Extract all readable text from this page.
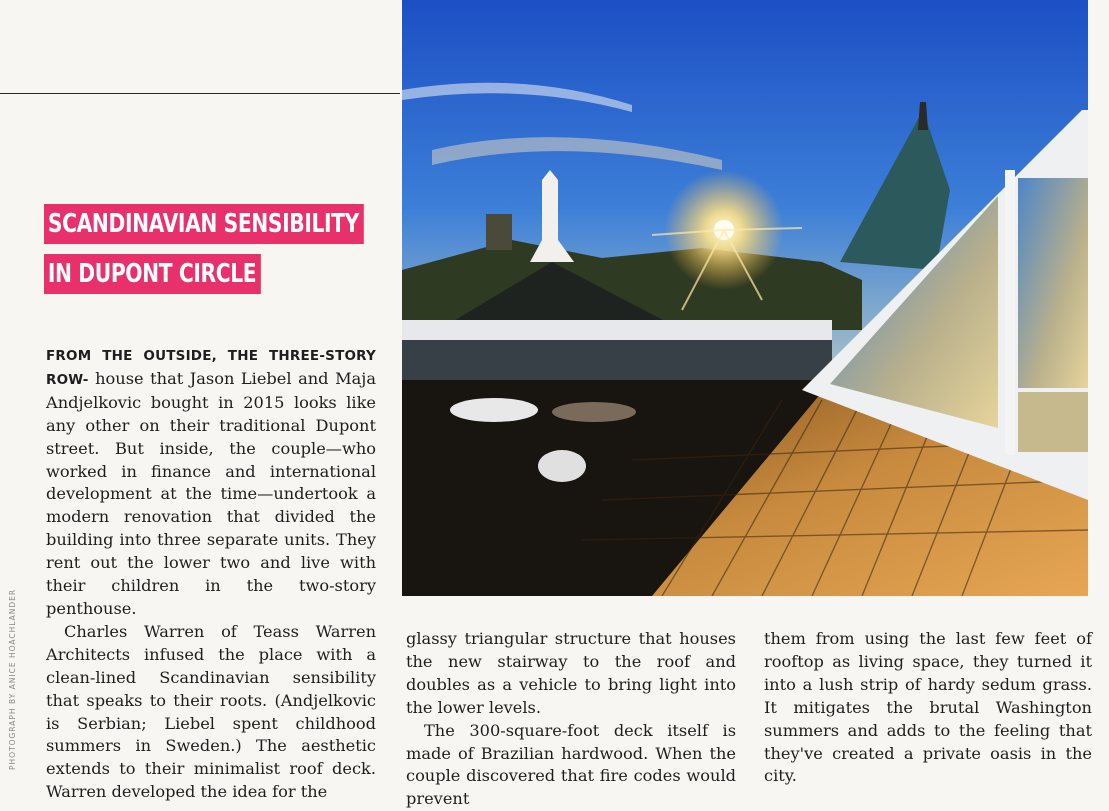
SCANDINAVIAN SENSIBILITY
IN DUPONT CIRCLE
PHOTOGRAPH BY ANICE HOACHLANDER

FROM THE OUTSIDE, THE THREE-STORY ROW- house that Jason Liebel and Maja Andjelkovic bought in 2015 looks like any other on their traditional Dupont street. But inside, the couple—who worked in finance and international development at the time—undertook a modern renovation that divided the building into three separate units. They rent out the lower two and live with their children in the two-story penthouse.

Charles Warren of Teass Warren Architects infused the place with a clean-lined Scandinavian sensibility that speaks to their roots. (Andjelkovic is Serbian; Liebel spent childhood summers in Sweden.) The aesthetic extends to their minimalist roof deck. Warren developed the idea for the

glassy triangular structure that houses the new stairway to the roof and doubles as a vehicle to bring light into the lower levels.

The 300-square-foot deck itself is made of Brazilian hardwood. When the couple discovered that fire codes would prevent

them from using the last few feet of rooftop as living space, they turned it into a lush strip of hardy sedum grass. It mitigates the brutal Washington summers and adds to the feeling that they've created a private oasis in the city.
